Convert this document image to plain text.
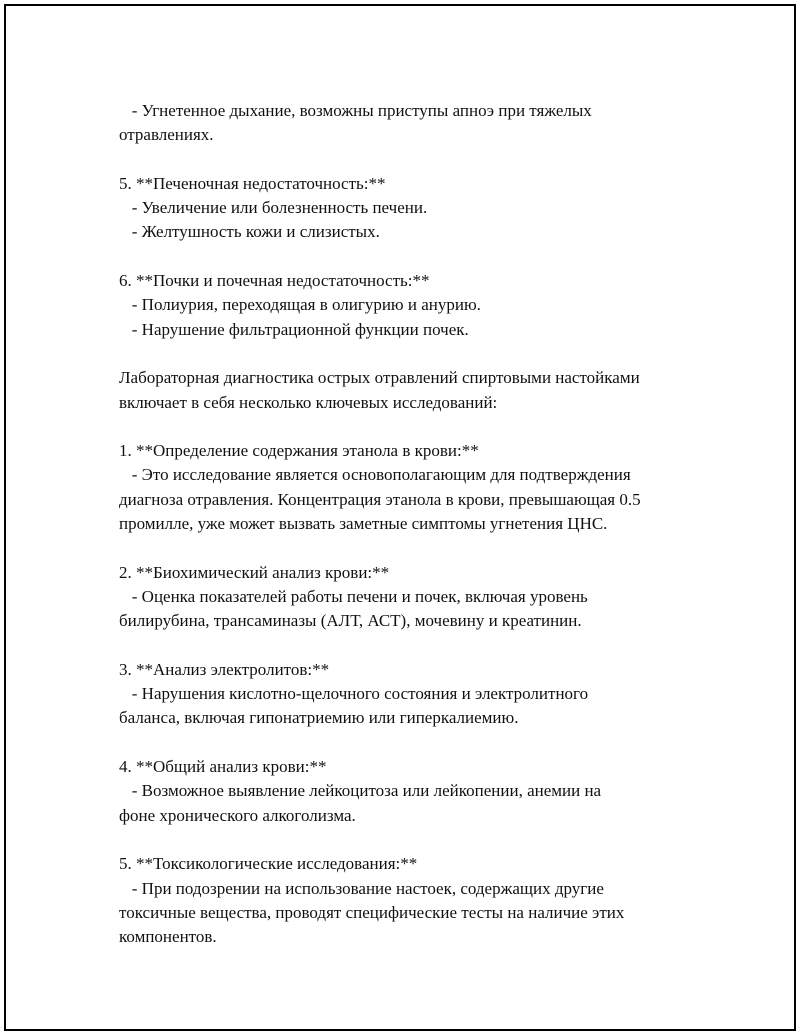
- Угнетенное дыхание, возможны приступы апноэ при тяжелых
отравлениях.
5. **Печеночная недостаточность:**
- Увеличение или болезненность печени.
- Желтушность кожи и слизистых.
6. **Почки и почечная недостаточность:**
- Полиурия, переходящая в олигурию и анурию.
- Нарушение фильтрационной функции почек.
Лабораторная диагностика острых отравлений спиртовыми настойками
включает в себя несколько ключевых исследований:
1. **Определение содержания этанола в крови:**
- Это исследование является основополагающим для подтверждения
диагноза отравления. Концентрация этанола в крови, превышающая 0.5
промилле, уже может вызвать заметные симптомы угнетения ЦНС.
2. **Биохимический анализ крови:**
- Оценка показателей работы печени и почек, включая уровень
билирубина, трансаминазы (АЛТ, АСТ), мочевину и креатинин.
3. **Анализ электролитов:**
- Нарушения кислотно-щелочного состояния и электролитного
баланса, включая гипонатриемию или гиперкалиемию.
4. **Общий анализ крови:**
- Возможное выявление лейкоцитоза или лейкопении, анемии на
фоне хронического алкоголизма.
5. **Токсикологические исследования:**
- При подозрении на использование настоек, содержащих другие
токсичные вещества, проводят специфические тесты на наличие этих
компонентов.
